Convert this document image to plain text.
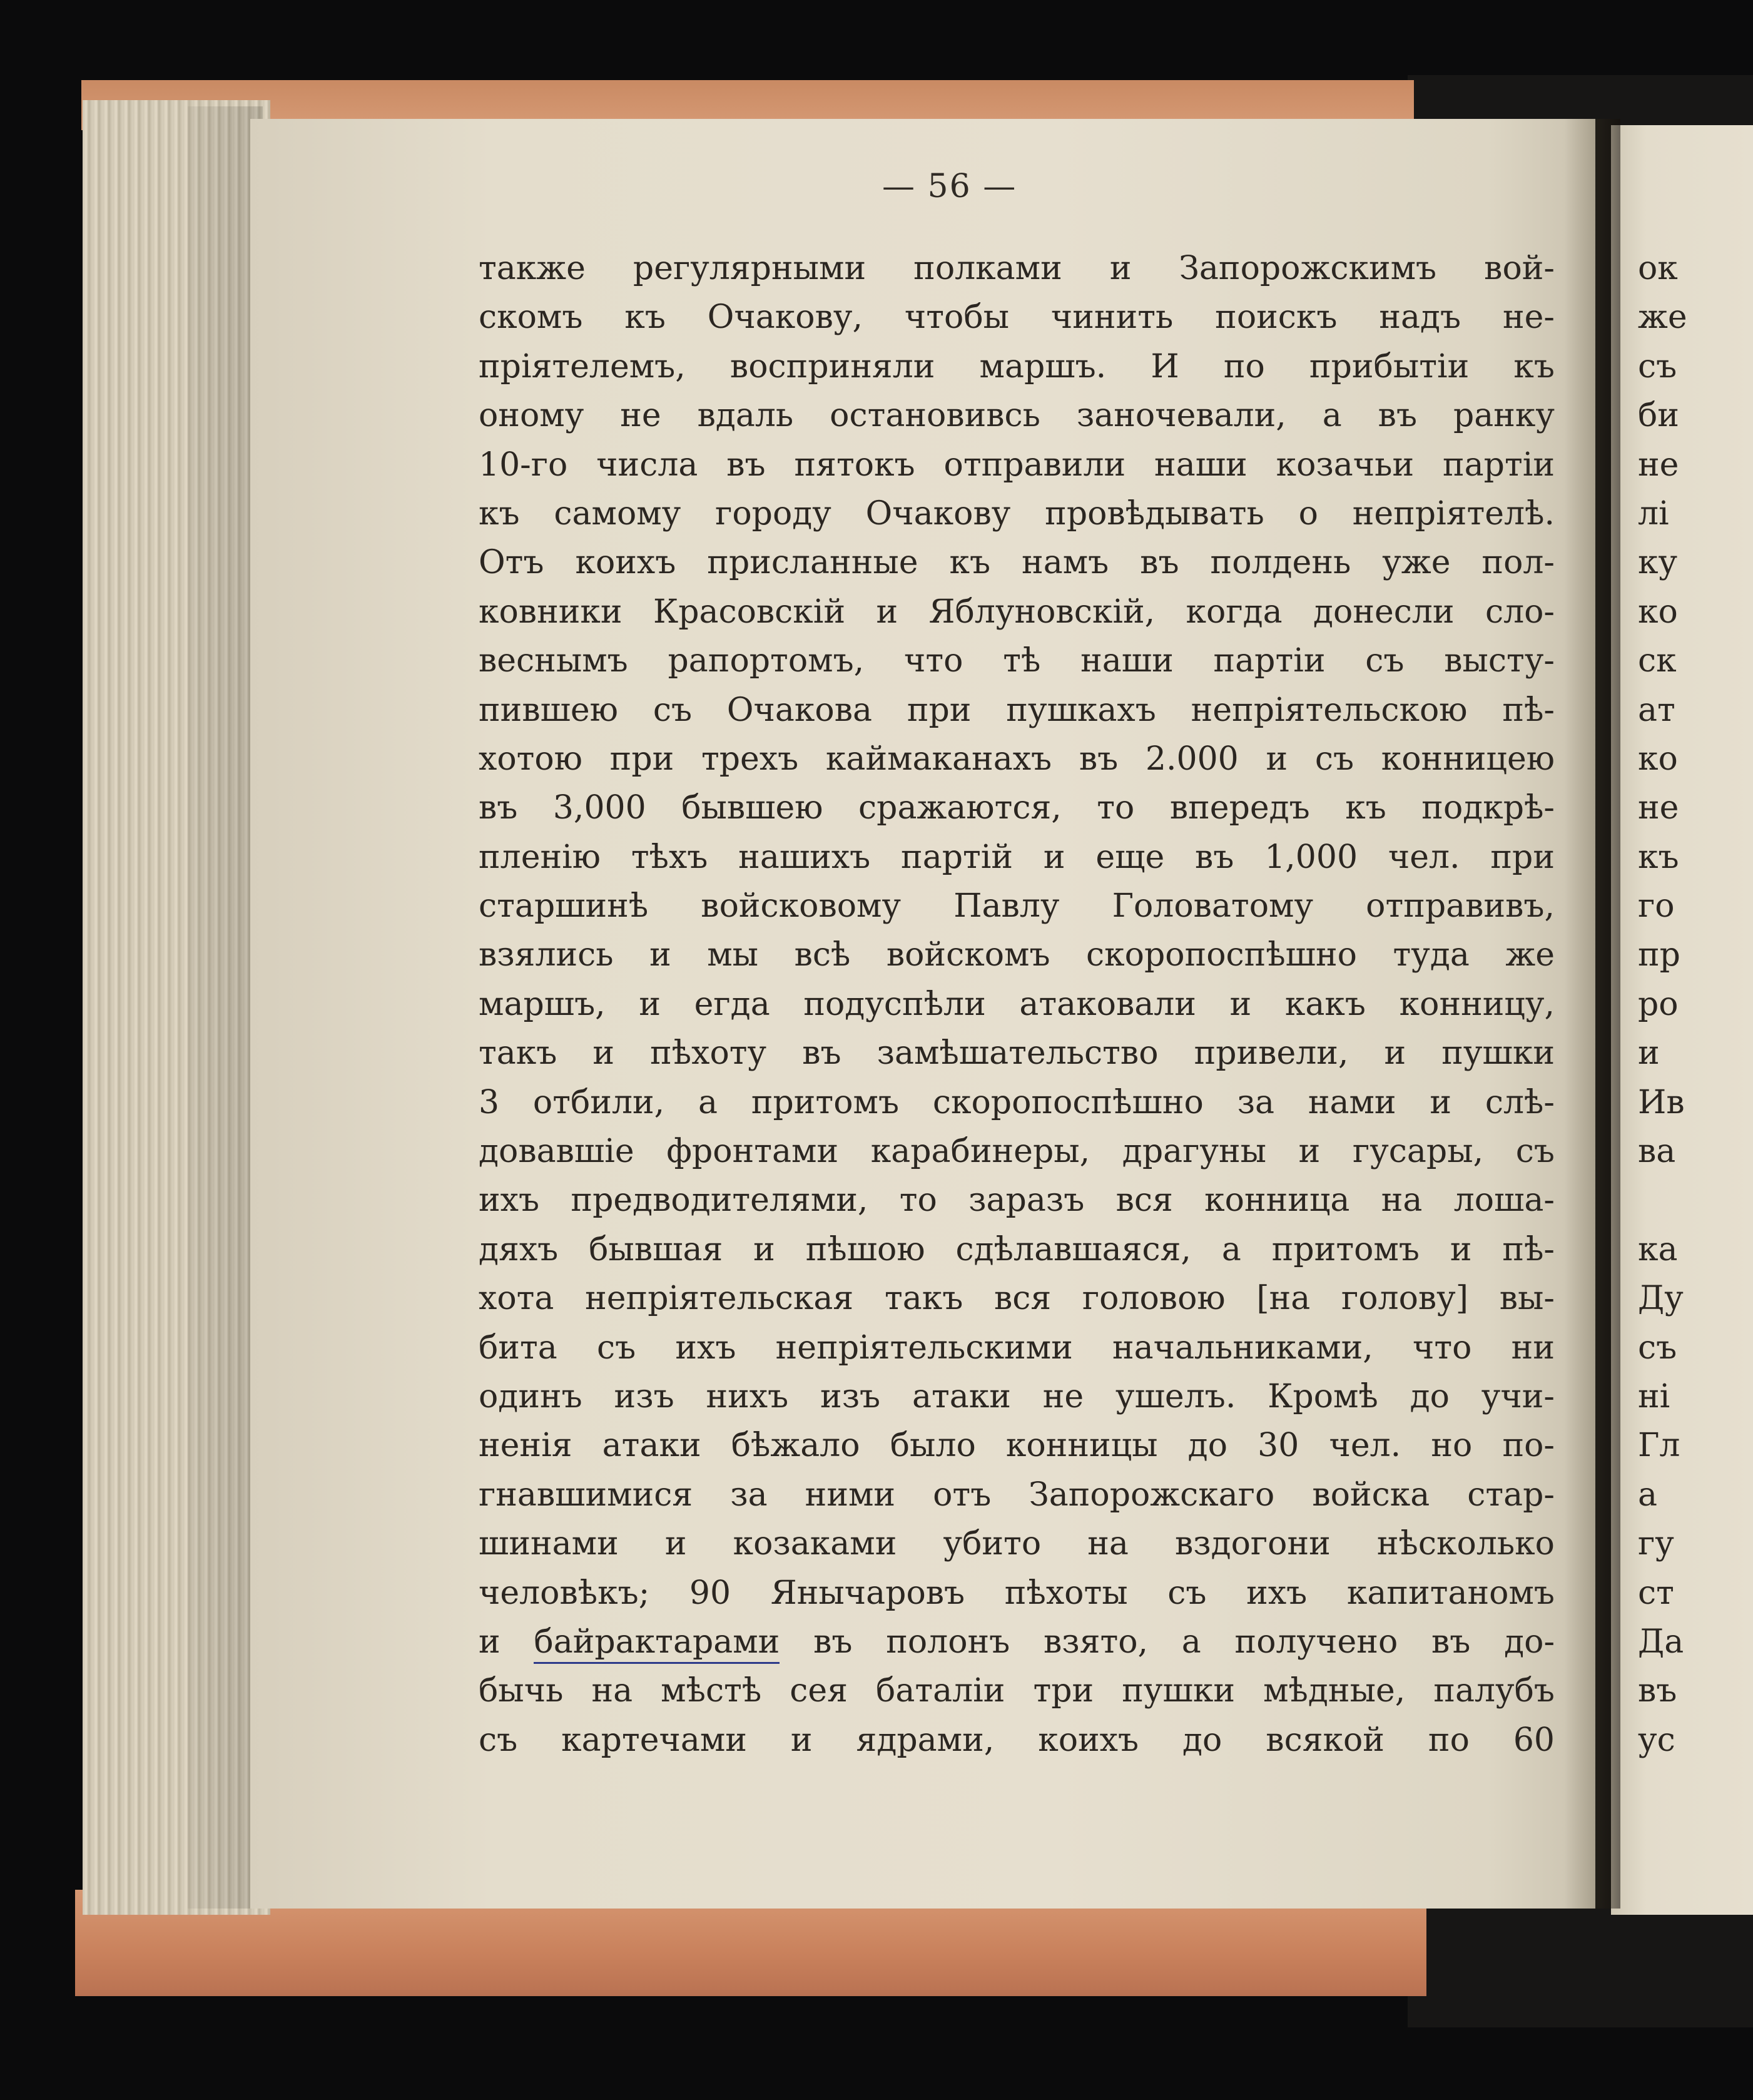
— 56 —
также регулярными полками и Запорожскимъ вой-
скомъ къ Очакову, чтобы чинить поискъ надъ не-
пріятелемъ, восприняли маршъ. И по прибытіи къ
оному не вдаль остановивсь заночевали, а въ ранку
10-го числа въ пятокъ отправили наши козачьи партіи
къ самому городу Очакову провѣдывать о непріятелѣ.
Отъ коихъ присланные къ намъ въ полдень уже пол-
ковники Красовскій и Яблуновскій, когда донесли сло-
веснымъ рапортомъ, что тѣ наши партіи съ высту-
пившею съ Очакова при пушкахъ непріятельскою пѣ-
хотою при трехъ каймаканахъ въ 2.000 и съ конницею
въ 3,000 бывшею сражаются, то впередъ къ подкрѣ-
пленію тѣхъ нашихъ партій и еще въ 1,000 чел. при
старшинѣ войсковому Павлу Головатому отправивъ,
взялись и мы всѣ войскомъ скоропоспѣшно туда же
маршъ, и егда подуспѣли атаковали и какъ конницу,
такъ и пѣхоту въ замѣшательство привели, и пушки
3 отбили, а притомъ скоропоспѣшно за нами и слѣ-
довавшіе фронтами карабинеры, драгуны и гусары, съ
ихъ предводителями, то заразъ вся конница на лоша-
дяхъ бывшая и пѣшою сдѣлавшаяся, а притомъ и пѣ-
хота непріятельская такъ вся головою [на голову] вы-
бита съ ихъ непріятельскими начальниками, что ни
одинъ изъ нихъ изъ атаки не ушелъ. Кромѣ до учи-
ненія атаки бѣжало было конницы до 30 чел. но по-
гнавшимися за ними отъ Запорожскаго войска стар-
шинами и козаками убито на вздогони нѣсколько
человѣкъ; 90 Янычаровъ пѣхоты съ ихъ капитаномъ
и байрактарами въ полонъ взято, а получено въ до-
бычь на мѣстѣ сея баталіи три пушки мѣдные, палубъ
съ картечами и ядрами, коихъ до всякой по 60
ок
же
съ
би
не
лі
ку
ко
ск
ат
ко
не
къ
го
пр
ро
и
Ив
ва
ка
Ду
съ
ні
Гл
а
гу
ст
Да
въ
ус
